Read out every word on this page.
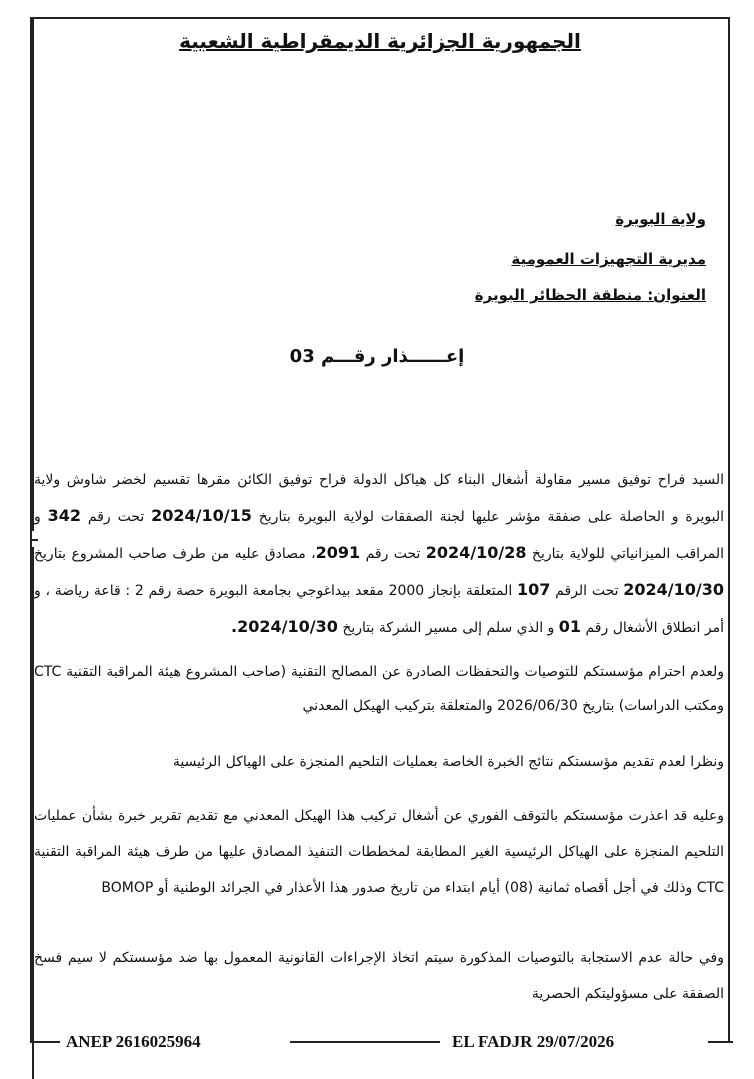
الجمهورية الجزائرية الديمقراطية الشعبية
ولاية البويرة
مديرية التجهيزات العمومية
العنوان: منطقة الحظائر البويرة
إعــــــذار رقـــم 03
السيد فراح توفيق مسير مقاولة أشغال البناء كل هياكل الدولة فراح توفيق الكائن مقرها تقسيم لخضر شاوش ولاية البويرة و الحاصلة على صفقة مؤشر عليها لجنة الصفقات لولاية البويرة بتاريخ 2024/10/15 تحت رقم 342 و المراقب الميزانياتي للولاية بتاريخ 2024/10/28 تحت رقم 2091، مصادق عليه من طرف صاحب المشروع بتاريخ 2024/10/30 تحت الرقم 107 المتعلقة بإنجاز 2000 مقعد بيداغوجي بجامعة البويرة حصة رقم 2 : قاعة رياضة ، و أمر انطلاق الأشغال رقم 01 و الذي سلم إلى مسير الشركة بتاريخ 2024/10/30.
ولعدم احترام مؤسستكم للتوصيات والتحفظات الصادرة عن المصالح التقنية (صاحب المشروع هيئة المراقبة التقنية CTC ومكتب الدراسات) بتاريخ 2026/06/30 والمتعلقة بتركيب الهيكل المعدني
ونظرا لعدم تقديم مؤسستكم نتائج الخبرة الخاصة بعمليات التلحيم المنجزة على الهياكل الرئيسية
وعليه قد اعذرت مؤسستكم بالتوقف الفوري عن أشغال تركيب هذا الهيكل المعدني مع تقديم تقرير خبرة بشأن عمليات التلحيم المنجزة على الهياكل الرئيسية الغير المطابقة لمخططات التنفيذ المصادق عليها من طرف هيئة المراقبة التقنية CTC وذلك في أجل أقصاه ثمانية (08) أيام ابتداء من تاريخ صدور هذا الأعذار في الجرائد الوطنية أو BOMOP
وفي حالة عدم الاستجابة بالتوصيات المذكورة سيتم اتخاذ الإجراءات القانونية المعمول بها ضد مؤسستكم لا سيم فسخ الصفقة على مسؤوليتكم الحصرية
ANEP 2616025964	EL FADJR 29/07/2026
